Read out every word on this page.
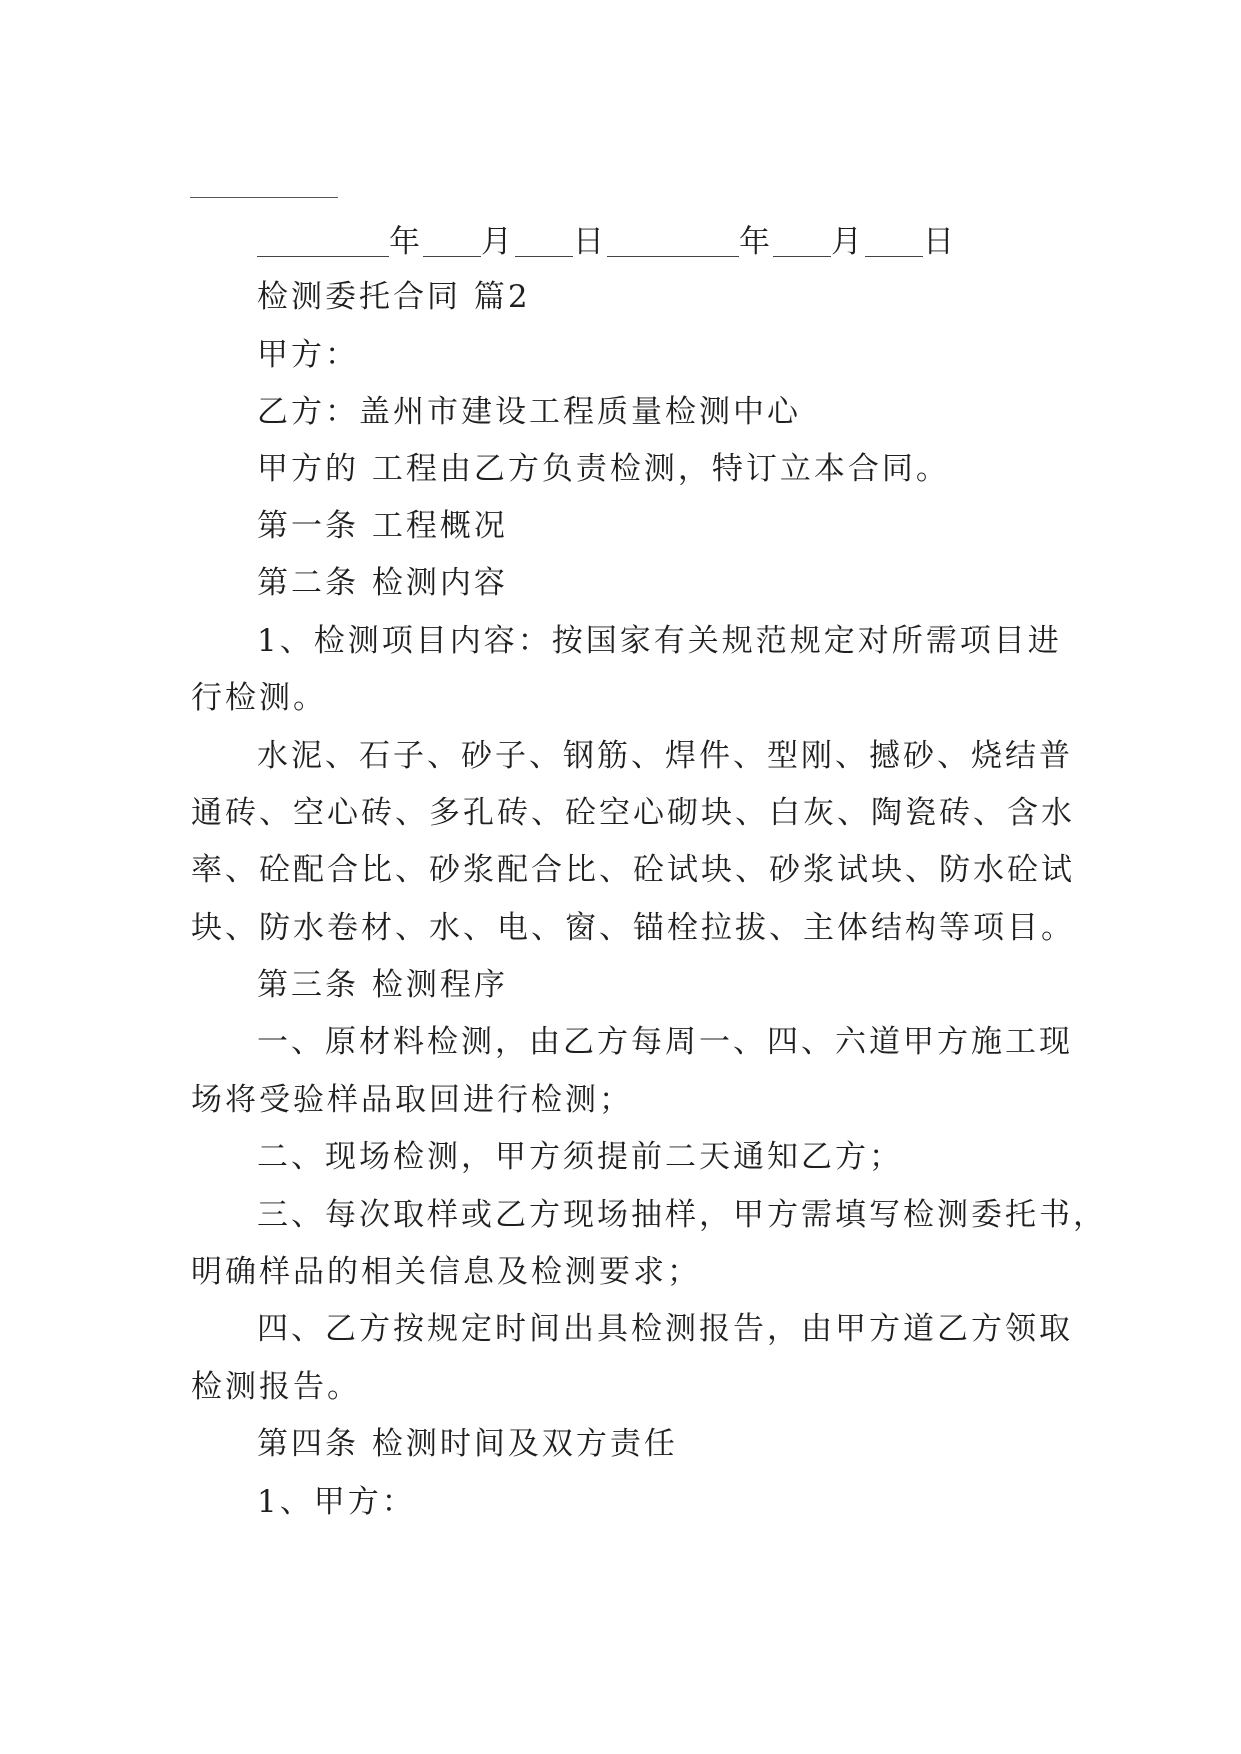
年 月 日	年 月 日

检测委托合同 篇2

甲方：

乙方：盖州市建设工程质量检测中心

甲方的 工程由乙方负责检测，特订立本合同。

第一条 工程概况

第二条 检测内容

1、检测项目内容：按国家有关规范规定对所需项目进

行检测。

水泥、石子、砂子、钢筋、焊件、型刚、撼砂、烧结普

通砖、空心砖、多孔砖、砼空心砌块、白灰、陶瓷砖、含水

率、砼配合比、砂浆配合比、砼试块、砂浆试块、防水砼试

块、防水卷材、水、电、窗、锚栓拉拔、主体结构等项目。

第三条 检测程序

一、原材料检测，由乙方每周一、四、六道甲方施工现

场将受验样品取回进行检测；

二、现场检测，甲方须提前二天通知乙方；

三、每次取样或乙方现场抽样，甲方需填写检测委托书，

明确样品的相关信息及检测要求；

四、乙方按规定时间出具检测报告，由甲方道乙方领取

检测报告。

第四条 检测时间及双方责任

1、甲方：
